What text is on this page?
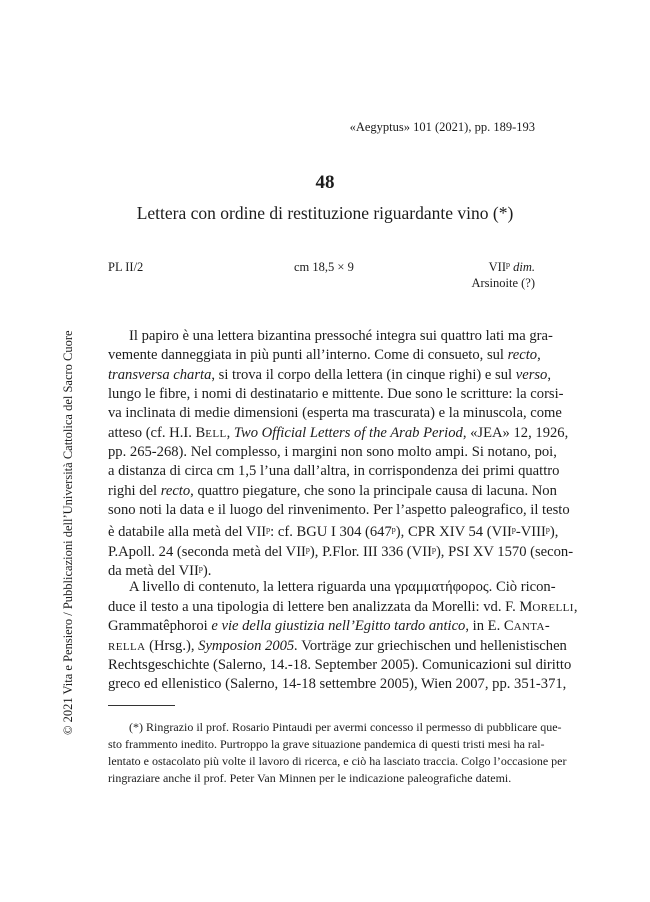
«Aegyptus» 101 (2021), pp. 189-193
48
Lettera con ordine di restituzione riguardante vino (*)
PL II/2	cm 18,5 × 9	VII$^p$ dim.
Arsinoite (?)
Il papiro è una lettera bizantina pressoché integra sui quattro lati ma gra-
vemente danneggiata in più punti all’interno. Come di consueto, sul recto,
transversa charta, si trova il corpo della lettera (in cinque righi) e sul verso,
lungo le fibre, i nomi di destinatario e mittente. Due sono le scritture: la corsi-
va inclinata di medie dimensioni (esperta ma trascurata) e la minuscola, come
atteso (cf. H.I. BELL, Two Official Letters of the Arab Period, «JEA» 12, 1926,
pp. 265-268). Nel complesso, i margini non sono molto ampi. Si notano, poi,
a distanza di circa cm 1,5 l’una dall’altra, in corrispondenza dei primi quattro
righi del recto, quattro piegature, che sono la principale causa di lacuna. Non
sono noti la data e il luogo del rinvenimento. Per l’aspetto paleografico, il testo
è databile alla metà del VII$^p$: cf. BGU I 304 (647$^p$), CPR XIV 54 (VII$^p$-VIII$^p$),
P.Apoll. 24 (seconda metà del VII$^p$), P.Flor. III 336 (VII$^p$), PSI XV 1570 (secon-
da metà del VII$^p$).
A livello di contenuto, la lettera riguarda una γραμματήφορος. Ciò ricon-
duce il testo a una tipologia di lettere ben analizzata da Morelli: vd. F. MORELLI,
Grammatêphoroi e vie della giustizia nell’Egitto tardo antico, in E. CANTA-
RELLA (Hrsg.), Symposion 2005. Vorträge zur griechischen und hellenistischen
Rechtsgeschichte (Salerno, 14.-18. September 2005). Comunicazioni sul diritto
greco ed ellenistico (Salerno, 14-18 settembre 2005), Wien 2007, pp. 351-371,
(*) Ringrazio il prof. Rosario Pintaudi per avermi concesso il permesso di pubblicare que-
sto frammento inedito. Purtroppo la grave situazione pandemica di questi tristi mesi ha ral-
lentato e ostacolato più volte il lavoro di ricerca, e ciò ha lasciato traccia. Colgo l’occasione per
ringraziare anche il prof. Peter Van Minnen per le indicazione paleografiche datemi.
© 2021 Vita e Pensiero / Pubblicazioni dell’Università Cattolica del Sacro Cuore
